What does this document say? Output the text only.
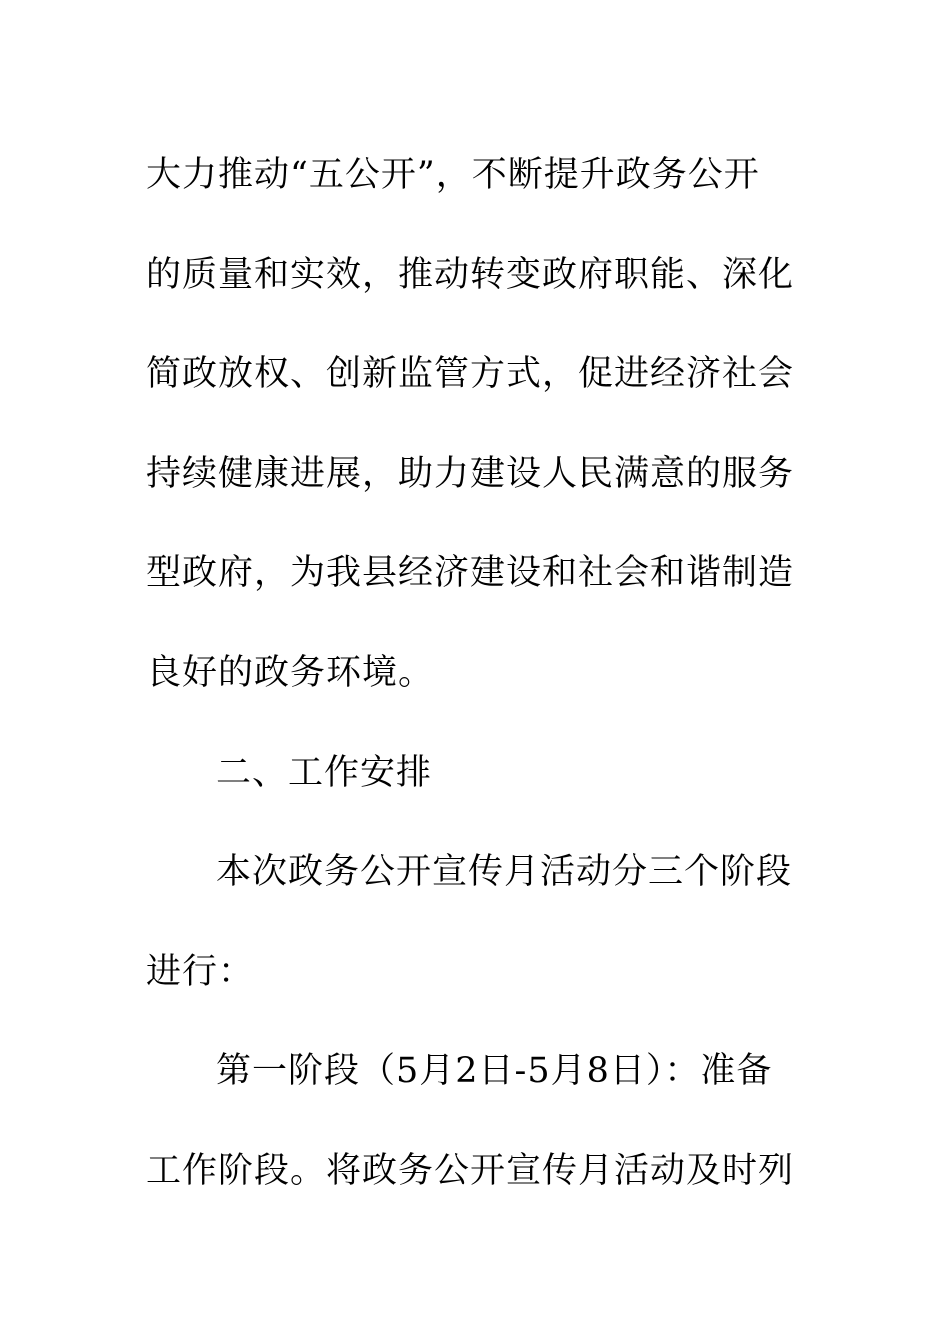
大力推动“五公开”，不断提升政务公开
的质量和实效，推动转变政府职能、深化
简政放权、创新监管方式，促进经济社会
持续健康进展，助力建设人民满意的服务
型政府，为我县经济建设和社会和谐制造
良好的政务环境。
二、工作安排
本次政务公开宣传月活动分三个阶段
进行：
第一阶段（5月2日-5月8日）：准备
工作阶段。将政务公开宣传月活动及时列
